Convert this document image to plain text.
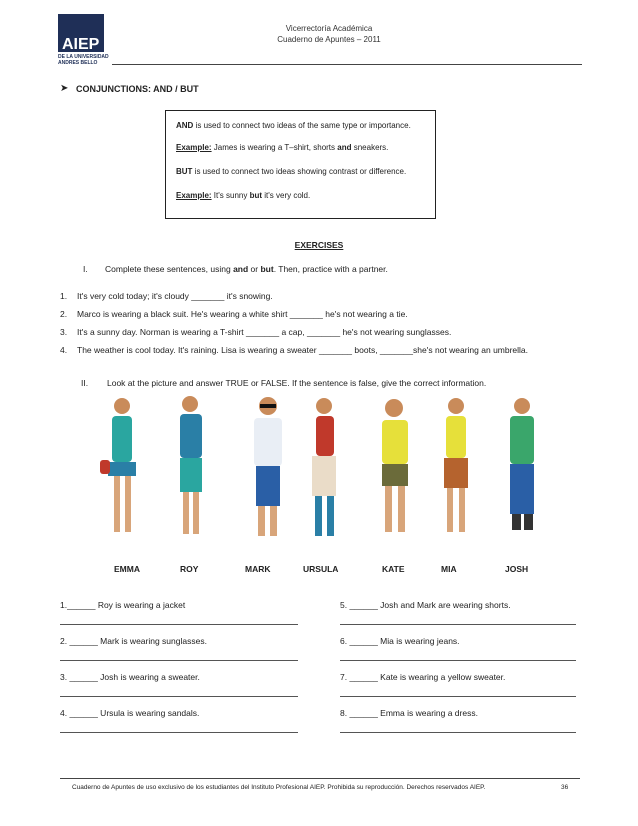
AIEP
DE LA UNIVERSIDAD ANDRES BELLO
Vicerrectoría Académica
Cuaderno de Apuntes – 2011
➤ CONJUNCTIONS: AND / BUT

AND is used to connect two ideas of the same type or importance.

Example: James is wearing a T–shirt, shorts and sneakers.

BUT is used to connect two ideas showing contrast or difference.

Example: It's sunny but it's very cold.

EXERCISES
I. Complete these sentences, using and or but. Then, practice with a partner.
1. It's very cold today; it's cloudy _______ it's snowing.
2. Marco is wearing a black suit. He's wearing a white shirt _______ he's not wearing a tie.
3. It's a sunny day. Norman is wearing a T-shirt _______ a cap, _______ he's not wearing sunglasses.
4. The weather is cool today. It's raining. Lisa is wearing a sweater _______ boots, _______she's not wearing an umbrella.
II. Look at the picture and answer TRUE or FALSE. If the sentence is false, give the correct information.
EMMA	ROY	MARK	URSULA	KATE	MIA	JOSH
1.______ Roy is wearing a jacket
2. ______ Mark is wearing sunglasses.
3. ______ Josh is wearing a sweater.
4. ______ Ursula is wearing sandals.
5. ______ Josh and Mark are wearing shorts.
6. ______ Mia is wearing jeans.
7. ______ Kate is wearing a yellow sweater.
8. ______ Emma is wearing a dress.
Cuaderno de Apuntes de uso exclusivo de los estudiantes del Instituto Profesional AIEP. Prohibida su reproducción. Derechos reservados AIEP.	36
